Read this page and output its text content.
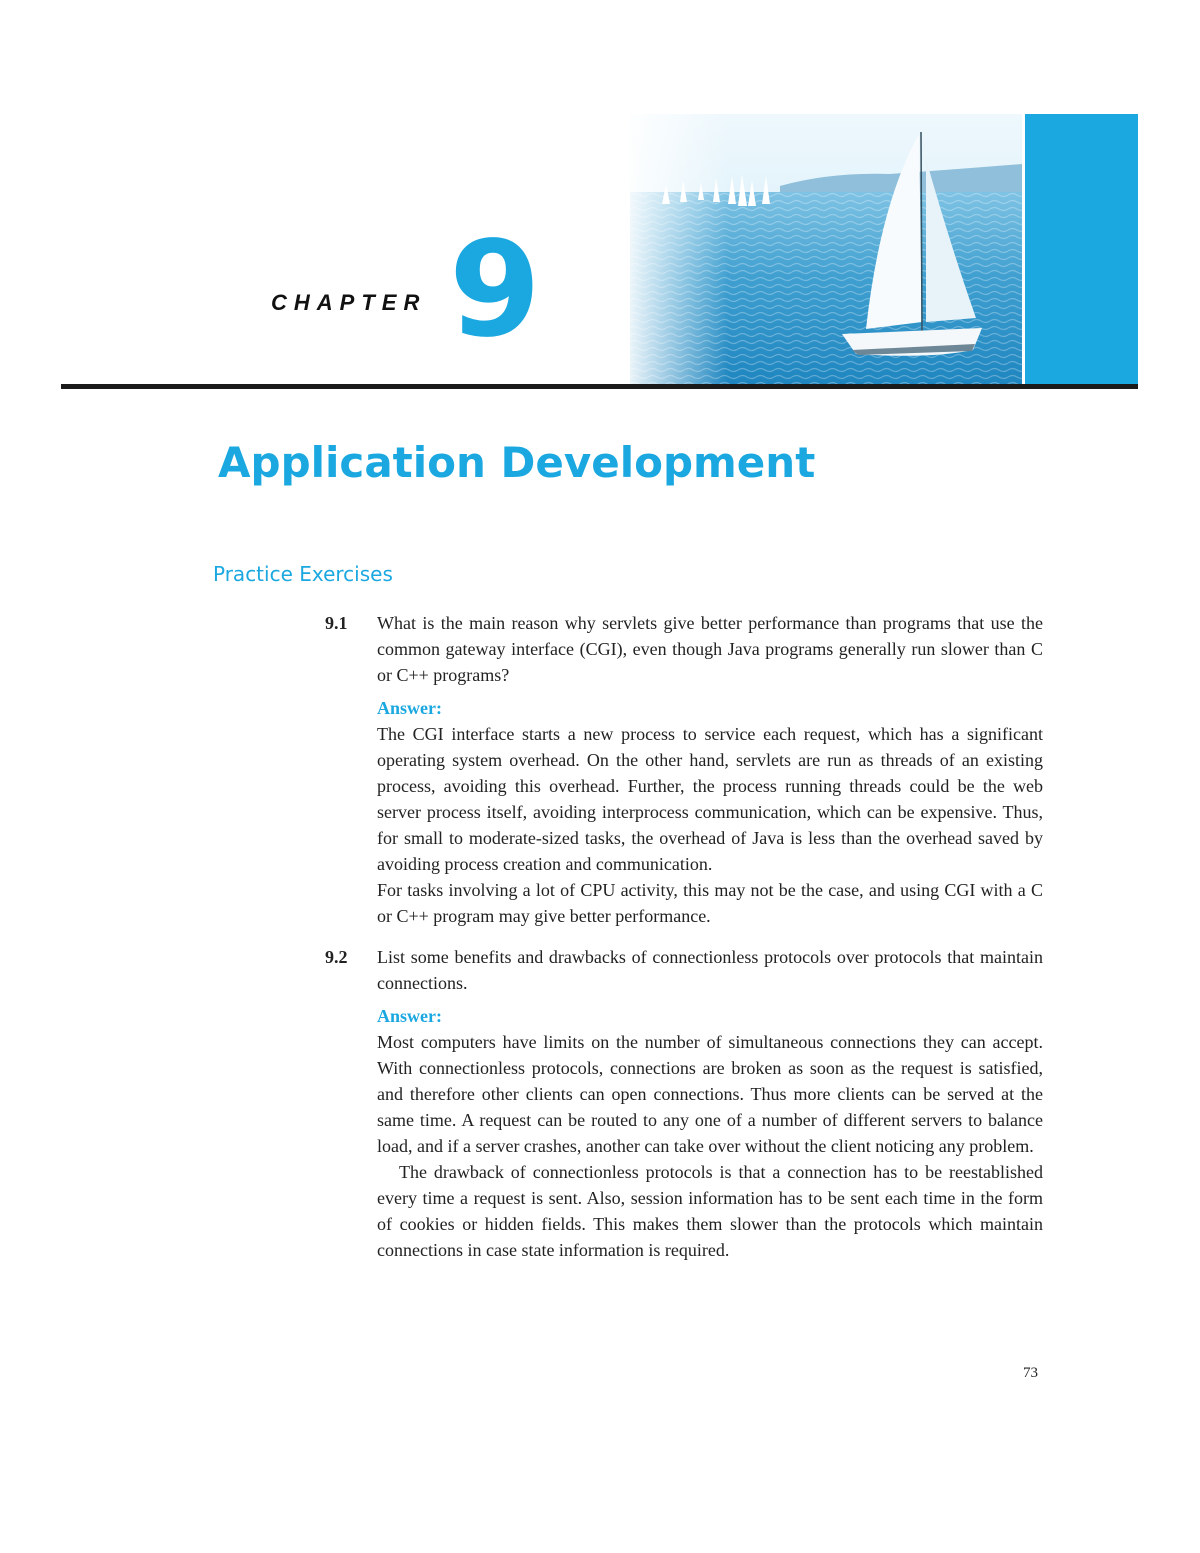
CHAPTER 9
Application Development
Practice Exercises
9.1 What is the main reason why servlets give better performance than programs that use the common gateway interface (CGI), even though Java programs generally run slower than C or C++ programs?

Answer:

The CGI interface starts a new process to service each request, which has a significant operating system overhead. On the other hand, servlets are run as threads of an existing process, avoiding this overhead. Further, the process running threads could be the web server process itself, avoiding interprocess communication, which can be expensive. Thus, for small to moderate-sized tasks, the overhead of Java is less than the overhead saved by avoiding process creation and communication.

For tasks involving a lot of CPU activity, this may not be the case, and using CGI with a C or C++ program may give better performance.

9.2 List some benefits and drawbacks of connectionless protocols over protocols that maintain connections.

Answer:

Most computers have limits on the number of simultaneous connections they can accept. With connectionless protocols, connections are broken as soon as the request is satisfied, and therefore other clients can open connections. Thus more clients can be served at the same time. A request can be routed to any one of a number of different servers to balance load, and if a server crashes, another can take over without the client noticing any problem.

The drawback of connectionless protocols is that a connection has to be reestablished every time a request is sent. Also, session information has to be sent each time in the form of cookies or hidden fields. This makes them slower than the protocols which maintain connections in case state information is required.

73
